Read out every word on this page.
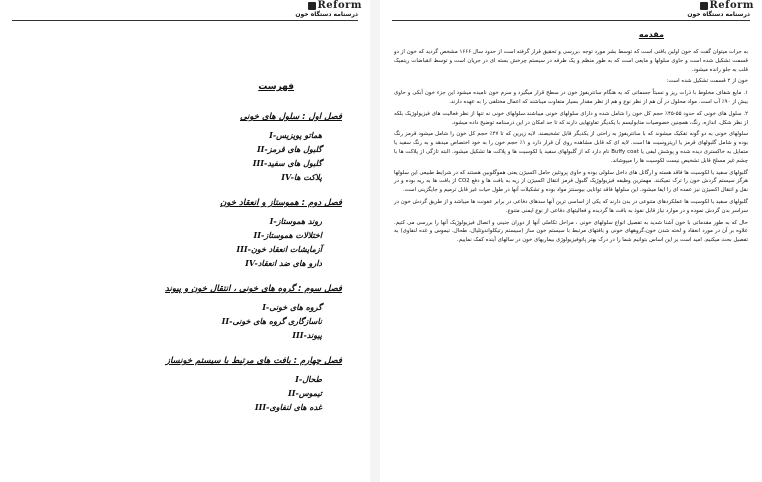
Reform
درسنامه دستگاه خون
فهرست
فصل اول : سلول های خونی
هماتو پویزیس
I-
گلبول های قرمز
II-
گلبول های سفید
III-
پلاکت ها
IV-
فصل دوم : هموستاز و انعقاد خون
روند هموستاز
I-
اختلالات هموستاز
II-
آزمایشات انعقاد خون
III-
دارو های ضد انعقاد
IV-
فصل سوم : گروه های خونی ، انتقال خون و پیوند
گروه های خونی
I-
ناسازگاری گروه های خونی
II-
پیوند
III-
فصل چهارم : بافت های مرتبط با سیستم خونساز
طحال
I-
تیموس
II-
غده های لنفاوی
III-
Reform
درسنامه دستگاه خون
مقدمه

به جرات میتوان گفت که خون اولین بافتی است که توسط بشر مورد توجه ،بررسی و تحقیق قرار گرفته است از حدود سال ۱۶۶۶ مشخص گردید که خون از دو قسمت تشکیل شده است و حاوی سلولها و مایعی است که به طور منظم و یک طرفه در سیستم چرخش بسته ای در جریان است و توسط انقباضات ریتمیک قلب به جلو رانده میشود.

خون از ۲ قسمت تشکیل شده است:

۱. مایع شفاف مخلوط با ذرات ریز و نسبتاً جسماتی که به هنگام سانتریفوژ خون در سطح قرار میگیرد و سرم خون نامیده میشود این جزء خون آبکی و حاوی بیش از ۹۰٪ آب است. مواد محلول در آن هم از نظر نوع و هم از نظر مقدار بسیار متفاوت میباشند که اعمال مختلفی را به عهده دارند.

۲. سلول های خونی که حدود ۵۵-۴۵٪ حجم کل خون را شامل شده و دارای سلولهای خونی میباشند.سلولهای خونی نه تنها از نظر فعالیت های فیزیولوژیک بلکه از نظر شکل، اندازه، رنگ، همچنین خصوصیات متابولیسم با یکدیگر تفاوتهایی دارند که تا حد امکان در این درسنامه توضیح داده میشود.

سلولهای خونی به دو گونه تفکیک میشوند که با سانتریفوژ به راحتی از یکدیگر قابل تشخیصند. لایه زیرین که تا ۴۷٪ حجم کل خون را شامل میشود قرمز رنگ بوده و شامل گلبولهای قرمز یا اریتروسیت ها است. لایه ای که قابل مشاهده روی آن قرار دارد و ۱٪ حجم خون را به خود اختصاص میدهد و به رنگ سفید یا متمایل به خاکستری دیده شده و پوشش لیفی یا Buffy coat نام دارد که از گلبولهای سفید یا لکوسیت ها و پلاکت ها تشکیل میشود. البته تازگی از پلاکت ها با چشم غیر مسلح قابل تشخیص نیست لکوسیت ها را میپوشاند.

گلبولهای سفید یا لکوسیت ها فاقد هسته و ارگانل های داخل سلولی بوده و حاوی پروتئین حامل اکسیژن یعنی هموگلوبین هستند که در شرایط طبیعی این سلولها هرگز سیستم گردش خون را ترک نمیکنند. مهمترین وظیفه فیزیولوژیک گلبول قرمز انتقال اکسیژن از ریه به بافت ها و دفع CO2 از بافت ها به ریه بوده و در نقل و انتقال اکسیژن نیز عمده ای را ایفا میشود. این سلولها فاقد توانایی بیوسنتز مواد بوده و تشکیلات آنها در طول حیات غیر قابل ترمیم و جایگزینی است.

گلبولهای سفید یا لکوسیت ها عملکردهای متنوعی در بدن دارند که یکی از اساسی ترین آنها سدهای دفاعی در برابر عفونت ها میباشد و از طریق گردش خون در سراسر بدن گردش نموده و در موارد نیاز قابل نفوذ به بافت ها گردیده و فعالیتهای دفاعی از نوع ایمنی متنوع.

حال که به طور مقدماتی با خون آشنا شدید به تفصیل انواع سلولهای خونی ، مراحل تکاملی آنها از دوران جنینی و اتصال فیزیولوژیک آنها را بررسی می کنیم. علاوه بر آن در مورد انعقاد و لخته شدن خون،گروههای خونی و بافتهای مرتبط با سیستم خون ساز (سیستم رتیکلواندوتلیال، طحال، تیموس و غده لنفاوی) به تفصیل بحث میکنیم. امید است بر این اساس بتوانیم شما را در درک بهتر پاتوفیزیولوژی بیماریهای خون در سالهای آینده کمک نماییم.
